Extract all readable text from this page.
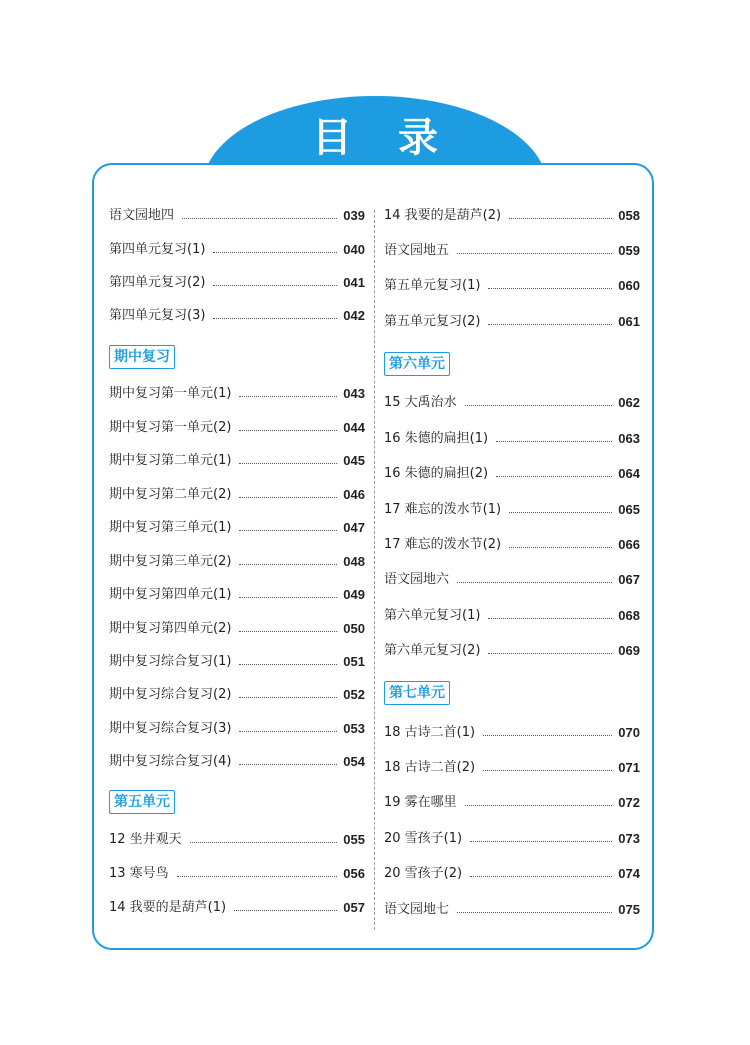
目 录
语文园地四	039
第四单元复习(1)	040
第四单元复习(2)	041
第四单元复习(3)	042
期中复习
期中复习第一单元(1)	043
期中复习第一单元(2)	044
期中复习第二单元(1)	045
期中复习第二单元(2)	046
期中复习第三单元(1)	047
期中复习第三单元(2)	048
期中复习第四单元(1)	049
期中复习第四单元(2)	050
期中复习综合复习(1)	051
期中复习综合复习(2)	052
期中复习综合复习(3)	053
期中复习综合复习(4)	054
第五单元
12 坐井观天	055
13 寒号鸟	056
14 我要的是葫芦(1)	057
14 我要的是葫芦(2)	058
语文园地五	059
第五单元复习(1)	060
第五单元复习(2)	061
第六单元
15 大禹治水	062
16 朱德的扁担(1)	063
16 朱德的扁担(2)	064
17 难忘的泼水节(1)	065
17 难忘的泼水节(2)	066
语文园地六	067
第六单元复习(1)	068
第六单元复习(2)	069
第七单元
18 古诗二首(1)	070
18 古诗二首(2)	071
19 雾在哪里	072
20 雪孩子(1)	073
20 雪孩子(2)	074
语文园地七	075
